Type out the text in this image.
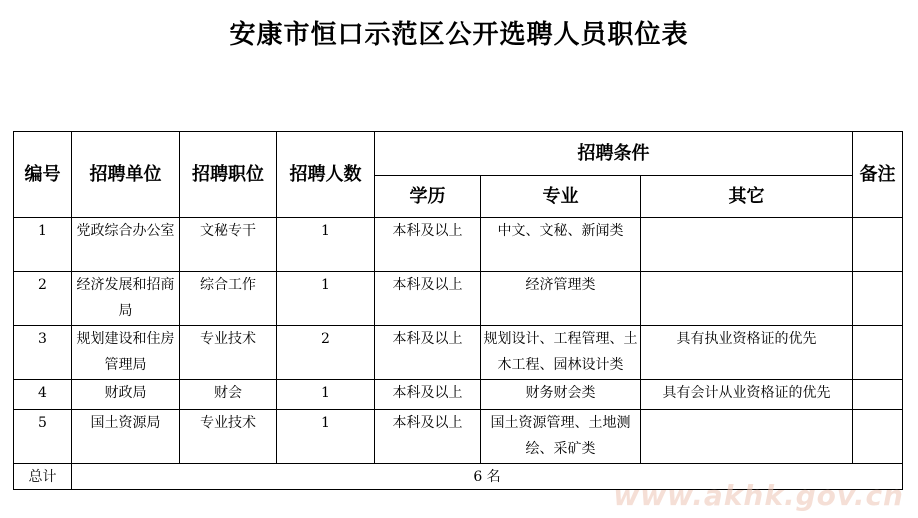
安康市恒口示范区公开选聘人员职位表
编号	招聘单位	招聘职位	招聘人数	招聘条件			备注
				学历	专业	其它	
1	党政综合办公室	文秘专干	1	本科及以上	中文、文秘、新闻类		
2	经济发展和招商局	综合工作	1	本科及以上	经济管理类		
3	规划建设和住房管理局	专业技术	2	本科及以上	规划设计、工程管理、土木工程、园林设计类	具有执业资格证的优先	
4	财政局	财会	1	本科及以上	财务财会类	具有会计从业资格证的优先	
5	国土资源局	专业技术	1	本科及以上	国土资源管理、土地测绘、采矿类		
总计	6 名						
www.akhk.gov.cn
